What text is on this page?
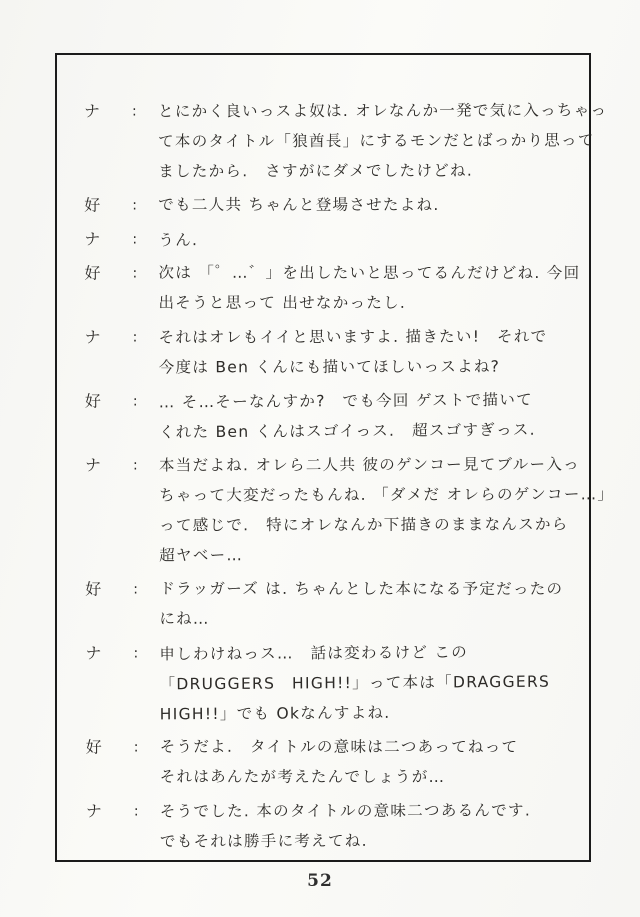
ナ	:	とにかく良いっスよ奴は. オレなんか一発で気に入っちゃっ
て本のタイトル「狼酋長」にするモンだとばっかり思って
ましたから.　さすがにダメでしたけどね.
好	:	でも二人共 ちゃんと登場させたよね.
ナ	:	うん.
好	:	次は 「゜…゛」を出したいと思ってるんだけどね. 今回
出そうと思って 出せなかったし.
ナ	:	それはオレもイイと思いますよ. 描きたい!　それで
今度は Ben くんにも描いてほしいっスよね?
好	:	… そ…そーなんすか?　でも今回 ゲストで描いて
くれた Ben くんはスゴイっス.　超スゴすぎっス.
ナ	:	本当だよね. オレら二人共 彼のゲンコー見てブルー入っ
ちゃって大変だったもんね. 「ダメだ オレらのゲンコー…」
って感じで.　特にオレなんか下描きのままなんスから
超ヤベー…
好	:	ドラッガーズ は. ちゃんとした本になる予定だったの
にね…
ナ	:	申しわけねっス…　話は変わるけど この
「DRUGGERS　HIGH!!」って本は「DRAGGERS
HIGH!!」でも Okなんすよね.
好	:	そうだよ.　タイトルの意味は二つあってねって
それはあんたが考えたんでしょうが…
ナ	:	そうでした. 本のタイトルの意味二つあるんです.
でもそれは勝手に考えてね.
52
